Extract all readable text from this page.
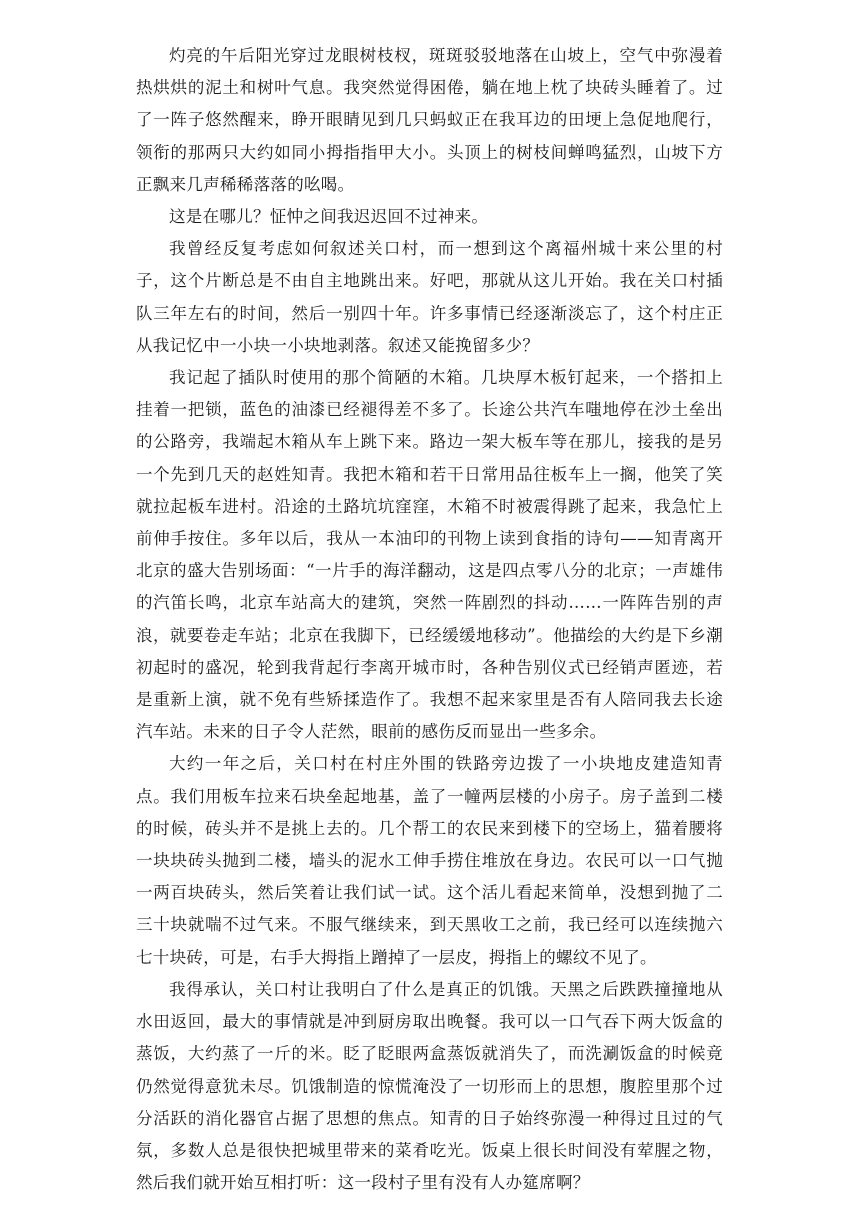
灼亮的午后阳光穿过龙眼树枝杈，斑斑驳驳地落在山坡上，空气中弥漫着热烘烘的泥土和树叶气息。我突然觉得困倦，躺在地上枕了块砖头睡着了。过了一阵子悠然醒来，睁开眼睛见到几只蚂蚁正在我耳边的田埂上急促地爬行，领衔的那两只大约如同小拇指指甲大小。头顶上的树枝间蝉鸣猛烈，山坡下方正飘来几声稀稀落落的吆喝。

这是在哪儿？怔忡之间我迟迟回不过神来。

我曾经反复考虑如何叙述关口村，而一想到这个离福州城十来公里的村子，这个片断总是不由自主地跳出来。好吧，那就从这儿开始。我在关口村插队三年左右的时间，然后一别四十年。许多事情已经逐渐淡忘了，这个村庄正从我记忆中一小块一小块地剥落。叙述又能挽留多少？

我记起了插队时使用的那个简陋的木箱。几块厚木板钉起来，一个搭扣上挂着一把锁，蓝色的油漆已经褪得差不多了。长途公共汽车嗤地停在沙土垒出的公路旁，我端起木箱从车上跳下来。路边一架大板车等在那儿，接我的是另一个先到几天的赵姓知青。我把木箱和若干日常用品往板车上一搁，他笑了笑就拉起板车进村。沿途的土路坑坑窪窪，木箱不时被震得跳了起来，我急忙上前伸手按住。多年以后，我从一本油印的刊物上读到食指的诗句——知青离开北京的盛大告别场面：“一片手的海洋翻动，这是四点零八分的北京；一声雄伟的汽笛长鸣，北京车站高大的建筑，突然一阵剧烈的抖动……一阵阵告别的声浪，就要卷走车站；北京在我脚下，已经缓缓地移动”。他描绘的大约是下乡潮初起时的盛况，轮到我背起行李离开城市时，各种告别仪式已经销声匿迹，若是重新上演，就不免有些矫揉造作了。我想不起来家里是否有人陪同我去长途汽车站。未来的日子令人茫然，眼前的感伤反而显出一些多余。

大约一年之后，关口村在村庄外围的铁路旁边拨了一小块地皮建造知青点。我们用板车拉来石块垒起地基，盖了一幢两层楼的小房子。房子盖到二楼的时候，砖头并不是挑上去的。几个帮工的农民来到楼下的空场上，猫着腰将一块块砖头抛到二楼，墙头的泥水工伸手捞住堆放在身边。农民可以一口气抛一两百块砖头，然后笑着让我们试一试。这个活儿看起来简单，没想到抛了二三十块就喘不过气来。不服气继续来，到天黑收工之前，我已经可以连续抛六七十块砖，可是，右手大拇指上蹭掉了一层皮，拇指上的螺纹不见了。

我得承认，关口村让我明白了什么是真正的饥饿。天黑之后跌跌撞撞地从水田返回，最大的事情就是冲到厨房取出晚餐。我可以一口气吞下两大饭盒的蒸饭，大约蒸了一斤的米。眨了眨眼两盒蒸饭就消失了，而洗涮饭盒的时候竟仍然觉得意犹未尽。饥饿制造的惊慌淹没了一切形而上的思想，腹腔里那个过分活跃的消化器官占据了思想的焦点。知青的日子始终弥漫一种得过且过的气氛，多数人总是很快把城里带来的菜肴吃光。饭桌上很长时间没有荤腥之物，然后我们就开始互相打听：这一段村子里有没有人办筵席啊？
